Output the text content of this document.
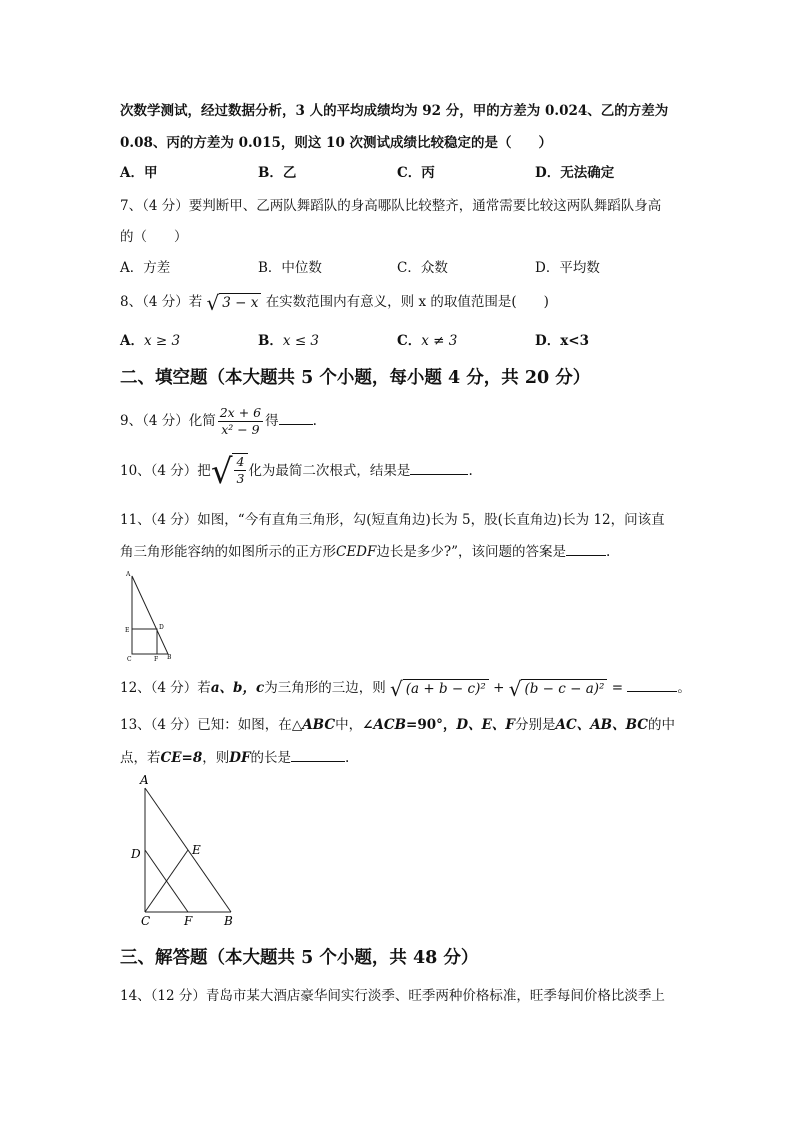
次数学测试，经过数据分析，3 人的平均成绩均为 92 分，甲的方差为 0.024、乙的方差为
0.08、丙的方差为 0.015，则这 10 次测试成绩比较稳定的是（　　）
A．甲	B．乙	C．丙	D．无法确定
7、（4 分）要判断甲、乙两队舞蹈队的身高哪队比较整齐，通常需要比较这两队舞蹈队身高
的（　　）
A．方差	B．中位数	C．众数	D．平均数
8、（4 分）若 √ 3 − x 在实数范围内有意义，则 x 的取值范围是(　　)
A．x ≥ 3	B．x ≤ 3	C．x ≠ 3	D．x<3
二、填空题（本大题共 5 个小题，每小题 4 分，共 20 分）
9、（4 分）化简 $\frac{2x + 6}{\text{x² − 9}}$ 得	.
10、（4 分）把 √ $\frac{4}{3}$ 化为最简二次根式，结果是	.
11、（4 分）如图，“今有直角三角形，勾(短直角边)长为 5，股(长直角边)长为 12，问该直
角三角形能容纳的如图所示的正方形CEDF边长是多少?”，该问题的答案是	.
A
E	D
C	F B
12、（4 分）若a、b，c为三角形的三边，则 √ (a + b − c)² + √ (b − c − a)² =	。
13、（4 分）已知：如图，在△ABC中，∠ACB=90°，D、E、F分别是AC、AB、BC的中
点，若CE=8，则DF的长是	.
A
D	E
C	F	B
三、解答题（本大题共 5 个小题，共 48 分）
14、（12 分）青岛市某大酒店豪华间实行淡季、旺季两种价格标准，旺季每间价格比淡季上
